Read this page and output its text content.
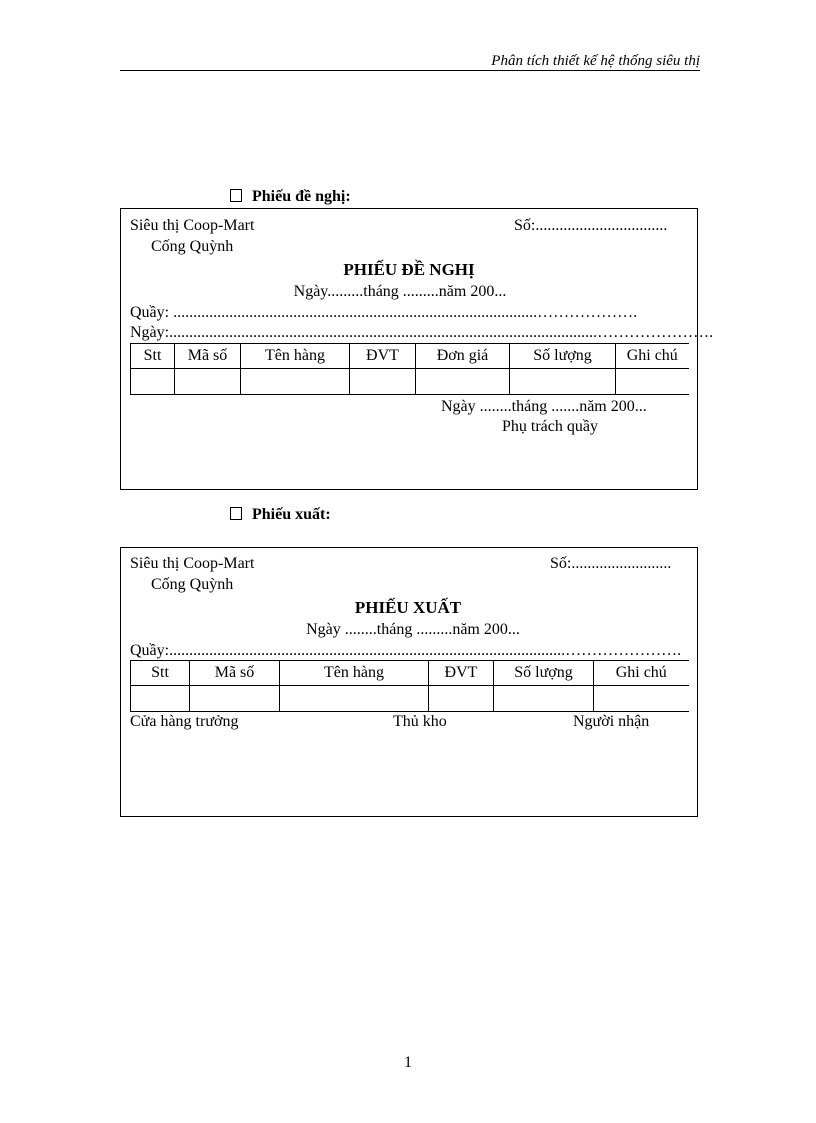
Phân tích thiết kế hệ thống siêu thị
Phiếu đề nghị:
Siêu thị Coop-Mart
Cống Quỳnh
Số:.................................
PHIẾU ĐỀ NGHỊ
Ngày.........tháng .........năm 200...
Quầy: ...........................................................................................……………….
Ngày:...........................................................................................................………………….
Stt	Mã số	Tên hàng	ĐVT	Đơn giá	Số lượng	Ghi chú

Ngày ........tháng .......năm 200...
Phụ trách quầy
Phiếu xuất:
Siêu thị Coop-Mart
Cống Quỳnh
Số:.........................
PHIẾU XUẤT
Ngày ........tháng .........năm 200...
Quầy:...................................................................................................………………….
Stt	Mã số	Tên hàng	ĐVT	Số lượng	Ghi chú

Cửa hàng trưởng	Thủ kho	Người nhận
1
